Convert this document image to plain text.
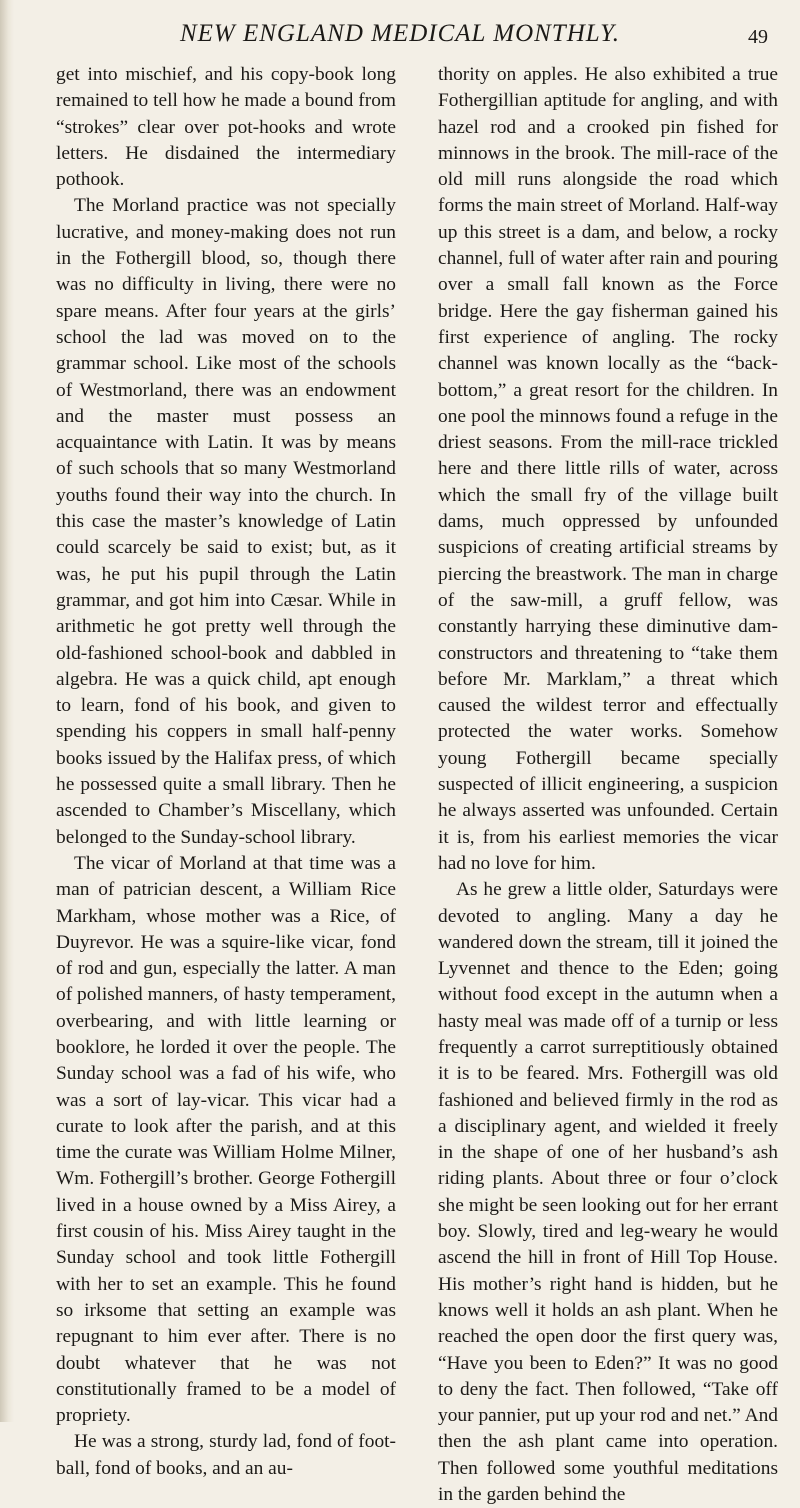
NEW ENGLAND MEDICAL MONTHLY.	49

get into mischief, and his copy-book long remained to tell how he made a bound from “strokes” clear over pot-hooks and wrote letters. He disdained the intermediary pothook.

The Morland practice was not specially lucrative, and money-making does not run in the Fothergill blood, so, though there was no difficulty in living, there were no spare means. After four years at the girls’ school the lad was moved on to the grammar school. Like most of the schools of Westmorland, there was an endowment and the master must possess an acquaintance with Latin. It was by means of such schools that so many Westmorland youths found their way into the church. In this case the master’s knowledge of Latin could scarcely be said to exist; but, as it was, he put his pupil through the Latin grammar, and got him into Cæsar. While in arithmetic he got pretty well through the old-fashioned school-book and dabbled in algebra. He was a quick child, apt enough to learn, fond of his book, and given to spending his coppers in small half-penny books issued by the Halifax press, of which he possessed quite a small library. Then he ascended to Chamber’s Miscellany, which belonged to the Sunday-school library.

The vicar of Morland at that time was a man of patrician descent, a William Rice Markham, whose mother was a Rice, of Duyrevor. He was a squire-like vicar, fond of rod and gun, especially the latter. A man of polished manners, of hasty temperament, overbearing, and with little learning or booklore, he lorded it over the people. The Sunday school was a fad of his wife, who was a sort of lay-vicar. This vicar had a curate to look after the parish, and at this time the curate was William Holme Milner, Wm. Fothergill’s brother. George Fothergill lived in a house owned by a Miss Airey, a first cousin of his. Miss Airey taught in the Sunday school and took little Fothergill with her to set an example. This he found so irksome that setting an example was repugnant to him ever after. There is no doubt whatever that he was not constitutionally framed to be a model of propriety.

He was a strong, sturdy lad, fond of foot-ball, fond of books, and an au-

thority on apples. He also exhibited a true Fothergillian aptitude for angling, and with hazel rod and a crooked pin fished for minnows in the brook. The mill-race of the old mill runs alongside the road which forms the main street of Morland. Half-way up this street is a dam, and below, a rocky channel, full of water after rain and pouring over a small fall known as the Force bridge. Here the gay fisherman gained his first experience of angling. The rocky channel was known locally as the “back-bottom,” a great resort for the children. In one pool the minnows found a refuge in the driest seasons. From the mill-race trickled here and there little rills of water, across which the small fry of the village built dams, much oppressed by unfounded suspicions of creating artificial streams by piercing the breastwork. The man in charge of the saw-mill, a gruff fellow, was constantly harrying these diminutive dam-constructors and threatening to “take them before Mr. Marklam,” a threat which caused the wildest terror and effectually protected the water works. Somehow young Fothergill became specially suspected of illicit engineering, a suspicion he always asserted was unfounded. Certain it is, from his earliest memories the vicar had no love for him.

As he grew a little older, Saturdays were devoted to angling. Many a day he wandered down the stream, till it joined the Lyvennet and thence to the Eden; going without food except in the autumn when a hasty meal was made off of a turnip or less frequently a carrot surreptitiously obtained it is to be feared. Mrs. Fothergill was old fashioned and believed firmly in the rod as a disciplinary agent, and wielded it freely in the shape of one of her husband’s ash riding plants. About three or four o’clock she might be seen looking out for her errant boy. Slowly, tired and leg-weary he would ascend the hill in front of Hill Top House. His mother’s right hand is hidden, but he knows well it holds an ash plant. When he reached the open door the first query was, “Have you been to Eden?” It was no good to deny the fact. Then followed, “Take off your pannier, put up your rod and net.” And then the ash plant came into operation. Then followed some youthful meditations in the garden behind the
